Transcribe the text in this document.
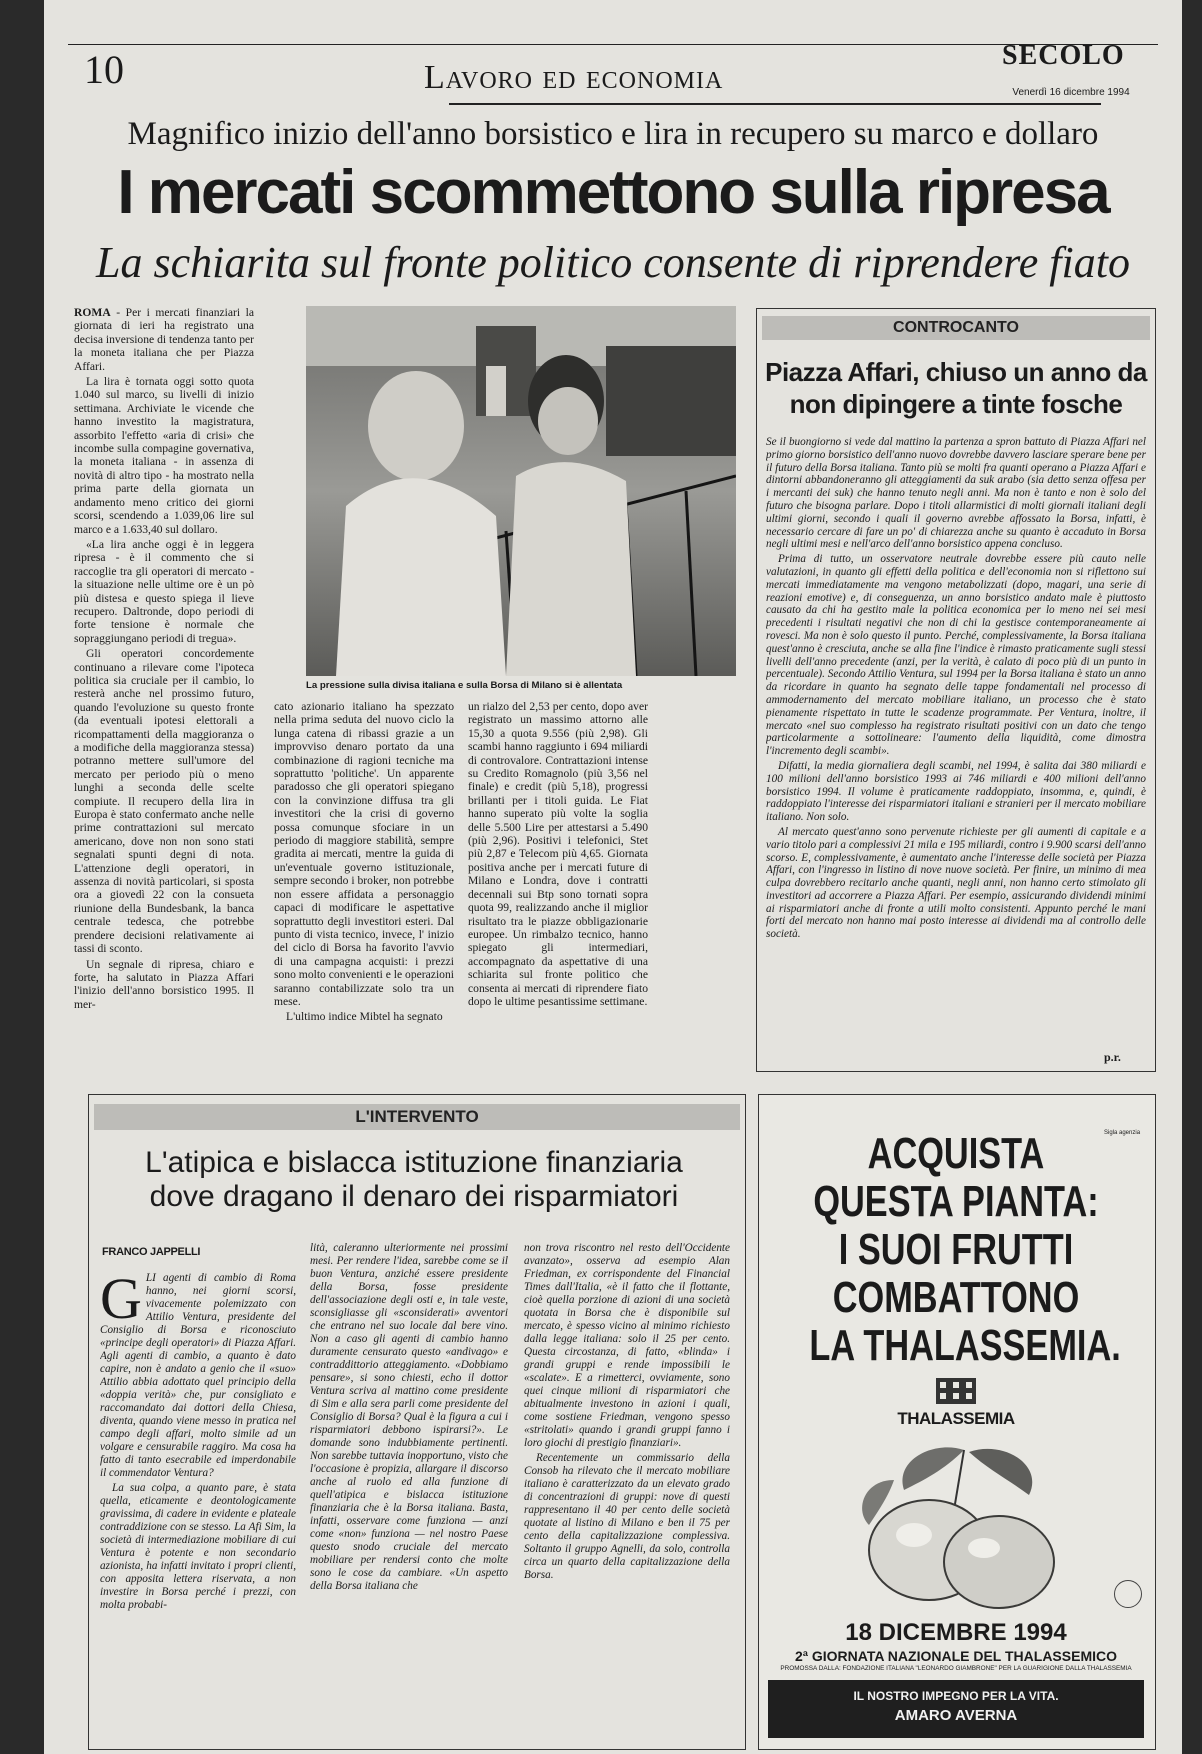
10	Lavoro ed economia
SECOLO
Venerdì 16 dicembre 1994
Magnifico inizio dell'anno borsistico e lira in recupero su marco e dollaro
I mercati scommettono sulla ripresa
La schiarita sul fronte politico consente di riprendere fiato

ROMA - Per i mercati finanziari la giornata di ieri ha registrato una decisa inversione di tendenza tanto per la moneta italiana che per Piazza Affari.

La lira è tornata oggi sotto quota 1.040 sul marco, su livelli di inizio settimana. Archiviate le vicende che hanno investito la magistratura, assorbito l'effetto «aria di crisi» che incombe sulla compagine governativa, la moneta italiana - in assenza di novità di altro tipo - ha mostrato nella prima parte della giornata un andamento meno critico dei giorni scorsi, scendendo a 1.039,06 lire sul marco e a 1.633,40 sul dollaro.

«La lira anche oggi è in leggera ripresa - è il commento che si raccoglie tra gli operatori di mercato - la situazione nelle ultime ore è un pò più distesa e questo spiega il lieve recupero. Daltronde, dopo periodi di forte tensione è normale che sopraggiungano periodi di tregua».

Gli operatori concordemente continuano a rilevare come l'ipoteca politica sia cruciale per il cambio, lo resterà anche nel prossimo futuro, quando l'evoluzione su questo fronte (da eventuali ipotesi elettorali a ricompattamenti della maggioranza o a modifiche della maggioranza stessa) potranno mettere sull'umore del mercato per periodo più o meno lunghi a seconda delle scelte compiute. Il recupero della lira in Europa è stato confermato anche nelle prime contrattazioni sul mercato americano, dove non non sono stati segnalati spunti degni di nota. L'attenzione degli operatori, in assenza di novità particolari, si sposta ora a giovedì 22 con la consueta riunione della Bundesbank, la banca centrale tedesca, che potrebbe prendere decisioni relativamente ai tassi di sconto.

Un segnale di ripresa, chiaro e forte, ha salutato in Piazza Affari l'inizio dell'anno borsistico 1995. Il mer-

La pressione sulla divisa italiana e sulla Borsa di Milano si è allentata

cato azionario italiano ha spezzato nella prima seduta del nuovo ciclo la lunga catena di ribassi grazie a un improvviso denaro portato da una combinazione di ragioni tecniche ma soprattutto 'politiche'. Un apparente paradosso che gli operatori spiegano con la convinzione diffusa tra gli investitori che la crisi di governo possa comunque sfociare in un periodo di maggiore stabilità, sempre gradita ai mercati, mentre la guida di un'eventuale governo istituzionale, sempre secondo i broker, non potrebbe non essere affidata a personaggio capaci di modificare le aspettative soprattutto degli investitori esteri. Dal punto di vista tecnico, invece, l' inizio del ciclo di Borsa ha favorito l'avvio di una campagna acquisti: i prezzi sono molto convenienti e le operazioni saranno contabilizzate solo tra un mese.

L'ultimo indice Mibtel ha segnato

un rialzo del 2,53 per cento, dopo aver registrato un massimo attorno alle 15,30 a quota 9.556 (più 2,98). Gli scambi hanno raggiunto i 694 miliardi di controvalore. Contrattazioni intense su Credito Romagnolo (più 3,56 nel finale) e credit (più 5,18), progressi brillanti per i titoli guida. Le Fiat hanno superato più volte la soglia delle 5.500 Lire per attestarsi a 5.490 (più 2,96). Positivi i telefonici, Stet più 2,87 e Telecom più 4,65. Giornata positiva anche per i mercati future di Milano e Londra, dove i contratti decennali sui Btp sono tornati sopra quota 99, realizzando anche il miglior risultato tra le piazze obbligazionarie europee. Un rimbalzo tecnico, hanno spiegato gli intermediari, accompagnato da aspettative di una schiarita sul fronte politico che consenta ai mercati di riprendere fiato dopo le ultime pesantissime settimane.

CONTROCANTO
Piazza Affari, chiuso un anno da non dipingere a tinte fosche

Se il buongiorno si vede dal mattino la partenza a spron battuto di Piazza Affari nel primo giorno borsistico dell'anno nuovo dovrebbe davvero lasciare sperare bene per il futuro della Borsa italiana. Tanto più se molti fra quanti operano a Piazza Affari e dintorni abbandoneranno gli atteggiamenti da suk arabo (sia detto senza offesa per i mercanti dei suk) che hanno tenuto negli anni. Ma non è tanto e non è solo del futuro che bisogna parlare. Dopo i titoli allarmistici di molti giornali italiani degli ultimi giorni, secondo i quali il governo avrebbe affossato la Borsa, infatti, è necessario cercare di fare un po' di chiarezza anche su quanto è accaduto in Borsa negli ultimi mesi e nell'arco dell'anno borsistico appena concluso.

Prima di tutto, un osservatore neutrale dovrebbe essere più cauto nelle valutazioni, in quanto gli effetti della politica e dell'economia non si riflettono sui mercati immediatamente ma vengono metabolizzati (dopo, magari, una serie di reazioni emotive) e, di conseguenza, un anno borsistico andato male è piuttosto causato da chi ha gestito male la politica economica per lo meno nei sei mesi precedenti i risultati negativi che non di chi la gestisce contemporaneamente ai rovesci. Ma non è solo questo il punto. Perché, complessivamente, la Borsa italiana quest'anno è cresciuta, anche se alla fine l'indice è rimasto praticamente sugli stessi livelli dell'anno precedente (anzi, per la verità, è calato di poco più di un punto in percentuale). Secondo Attilio Ventura, sul 1994 per la Borsa italiana è stato un anno da ricordare in quanto ha segnato delle tappe fondamentali nel processo di ammodernamento del mercato mobiliare italiano, un processo che è stato pienamente rispettato in tutte le scadenze programmate. Per Ventura, inoltre, il mercato «nel suo complesso ha registrato risultati positivi con un dato che tengo particolarmente a sottolineare: l'aumento della liquidità, come dimostra l'incremento degli scambi».

Difatti, la media giornaliera degli scambi, nel 1994, è salita dai 380 miliardi e 100 milioni dell'anno borsistico 1993 ai 746 miliardi e 400 milioni dell'anno borsistico 1994. Il volume è praticamente raddoppiato, insomma, e, quindi, è raddoppiato l'interesse dei risparmiatori italiani e stranieri per il mercato mobiliare italiano. Non solo.

Al mercato quest'anno sono pervenute richieste per gli aumenti di capitale e a vario titolo pari a complessivi 21 mila e 195 miliardi, contro i 9.900 scarsi dell'anno scorso. E, complessivamente, è aumentato anche l'interesse delle società per Piazza Affari, con l'ingresso in listino di nove nuove società. Per finire, un minimo di mea culpa dovrebbero recitarlo anche quanti, negli anni, non hanno certo stimolato gli investitori ad accorrere a Piazza Affari. Per esempio, assicurando dividendi minimi ai risparmiatori anche di fronte a utili molto consistenti. Appunto perché le mani forti del mercato non hanno mai posto interesse ai dividendi ma al controllo delle società.

p.r.
L'INTERVENTO
L'atipica e bislacca istituzione finanziaria dove dragano il denaro dei risparmiatori
FRANCO JAPPELLI
G LI agenti di cambio di Roma hanno, nei giorni scorsi, vivacemente polemizzato con Attilio Ventura, presidente del Consiglio di Borsa e riconosciuto «principe degli operatori» di Piazza Affari. Agli agenti di cambio, a quanto è dato capire, non è andato a genio che il «suo» Attilio abbia adottato quel principio della «doppia verità» che, pur consigliato e raccomandato dai dottori della Chiesa, diventa, quando viene messo in pratica nel campo degli affari, molto simile ad un volgare e censurabile raggiro. Ma cosa ha fatto di tanto esecrabile ed imperdonabile il commendator Ventura?

La sua colpa, a quanto pare, è stata quella, eticamente e deontologicamente gravissima, di cadere in evidente e plateale contraddizione con se stesso. La Afi Sim, la società di intermediazione mobiliare di cui Ventura è potente e non secondario azionista, ha infatti invitato i propri clienti, con apposita lettera riservata, a non investire in Borsa perché i prezzi, con molta probabi-

lità, caleranno ulteriormente nei prossimi mesi. Per rendere l'idea, sarebbe come se il buon Ventura, anziché essere presidente della Borsa, fosse presidente dell'associazione degli osti e, in tale veste, sconsigliasse gli «sconsiderati» avventori che entrano nel suo locale dal bere vino. Non a caso gli agenti di cambio hanno duramente censurato questo «andivago» e contraddittorio atteggiamento. «Dobbiamo pensare», si sono chiesti, echo il dottor Ventura scriva al mattino come presidente di Sim e alla sera parli come presidente del Consiglio di Borsa? Qual è la figura a cui i risparmiatori debbono ispirarsi?». Le domande sono indubbiamente pertinenti. Non sarebbe tuttavia inopportuno, visto che l'occasione è propizia, allargare il discorso anche al ruolo ed alla funzione di quell'atipica e bislacca istituzione finanziaria che è la Borsa italiana. Basta, infatti, osservare come funziona — anzi come «non» funziona — nel nostro Paese questo snodo cruciale del mercato mobiliare per rendersi conto che molte sono le cose da cambiare. «Un aspetto della Borsa italiana che

non trova riscontro nel resto dell'Occidente avanzato», osserva ad esempio Alan Friedman, ex corrispondente del Financial Times dall'Italia, «è il fatto che il flottante, cioè quella porzione di azioni di una società quotata in Borsa che è disponibile sul mercato, è spesso vicino al minimo richiesto dalla legge italiana: solo il 25 per cento. Questa circostanza, di fatto, «blinda» i grandi gruppi e rende impossibili le «scalate». E a rimetterci, ovviamente, sono quei cinque milioni di risparmiatori che abitualmente investono in azioni i quali, come sostiene Friedman, vengono spesso «stritolati» quando i grandi gruppi fanno i loro giochi di prestigio finanziari».

Recentemente un commissario della Consob ha rilevato che il mercato mobiliare italiano è caratterizzato da un elevato grado di concentrazioni di gruppi: nove di questi rappresentano il 40 per cento delle società quotate al listino di Milano e ben il 75 per cento della capitalizzazione complessiva. Soltanto il gruppo Agnelli, da solo, controlla circa un quarto della capitalizzazione della Borsa.

Sigla agenzia
ACQUISTA
QUESTA PIANTA:
I SUOI FRUTTI
COMBATTONO
LA THALASSEMIA.
THALASSEMIA
18 DICEMBRE 1994
2ª GIORNATA NAZIONALE DEL THALASSEMICO
PROMOSSA DALLA: FONDAZIONE ITALIANA "LEONARDO GIAMBRONE" PER LA GUARIGIONE DALLA THALASSEMIA
IL NOSTRO IMPEGNO PER LA VITA.
AMARO AVERNA
